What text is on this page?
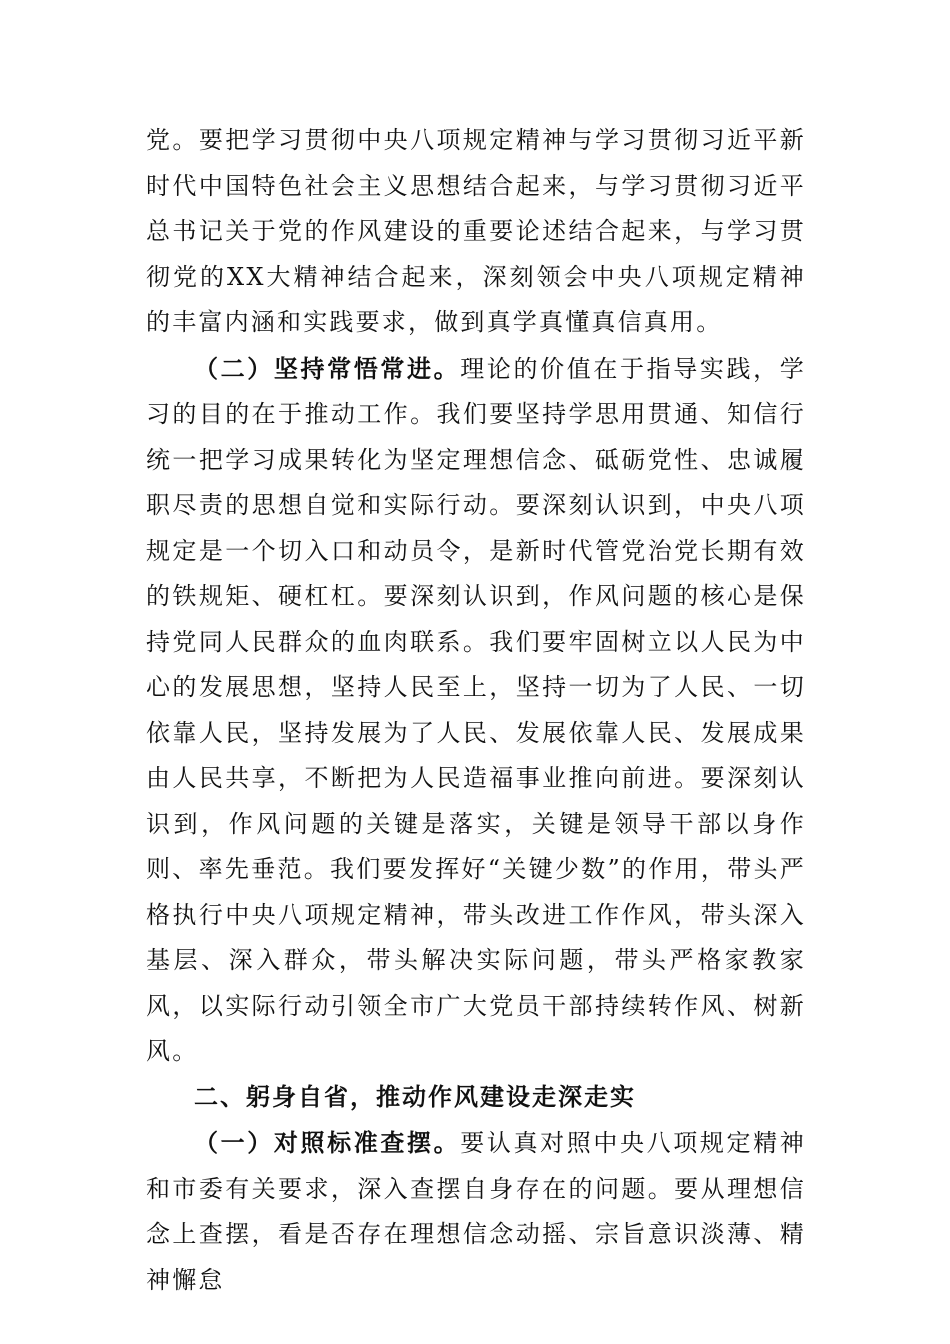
党。要把学习贯彻中央八项规定精神与学习贯彻习近平新时代中国特色社会主义思想结合起来，与学习贯彻习近平总书记关于党的作风建设的重要论述结合起来，与学习贯彻党的XX大精神结合起来，深刻领会中央八项规定精神的丰富内涵和实践要求，做到真学真懂真信真用。

（二）坚持常悟常进。理论的价值在于指导实践，学习的目的在于推动工作。我们要坚持学思用贯通、知信行统一把学习成果转化为坚定理想信念、砥砺党性、忠诚履职尽责的思想自觉和实际行动。要深刻认识到，中央八项规定是一个切入口和动员令，是新时代管党治党长期有效的铁规矩、硬杠杠。要深刻认识到，作风问题的核心是保持党同人民群众的血肉联系。我们要牢固树立以人民为中心的发展思想，坚持人民至上，坚持一切为了人民、一切依靠人民，坚持发展为了人民、发展依靠人民、发展成果由人民共享，不断把为人民造福事业推向前进。要深刻认识到，作风问题的关键是落实，关键是领导干部以身作则、率先垂范。我们要发挥好“关键少数”的作用，带头严格执行中央八项规定精神，带头改进工作作风，带头深入基层、深入群众，带头解决实际问题，带头严格家教家风，以实际行动引领全市广大党员干部持续转作风、树新风。

二、躬身自省，推动作风建设走深走实

（一）对照标准查摆。要认真对照中央八项规定精神和市委有关要求，深入查摆自身存在的问题。要从理想信念上查摆，看是否存在理想信念动摇、宗旨意识淡薄、精神懈怠
